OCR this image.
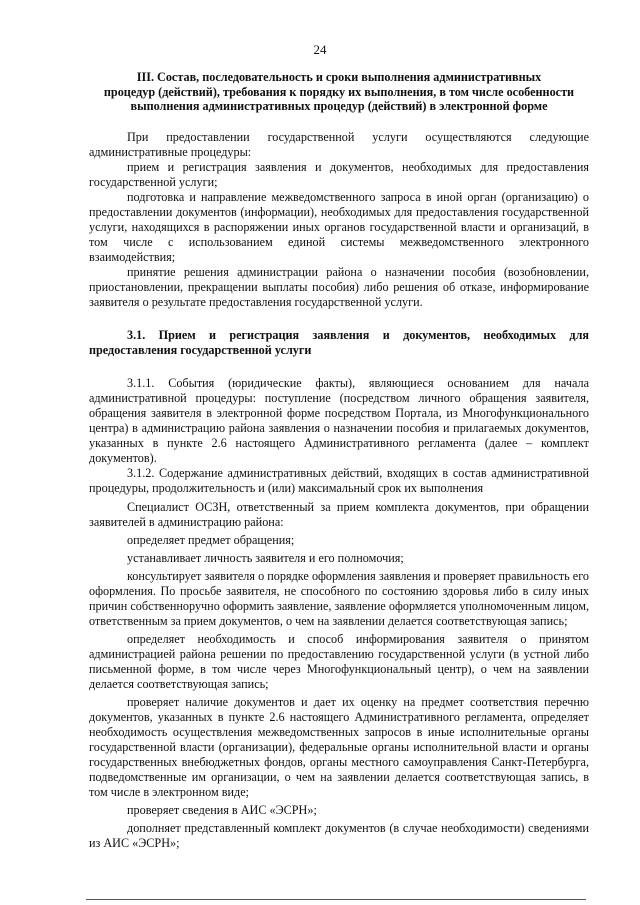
24
III. Состав, последовательность и сроки выполнения административных
процедур (действий), требования к порядку их выполнения, в том числе особенности
выполнения административных процедур (действий) в электронной форме

При предоставлении государственной услуги осуществляются следующие административные процедуры:

прием и регистрация заявления и документов, необходимых для предоставления государственной услуги;

подготовка и направление межведомственного запроса в иной орган (организацию) о предоставлении документов (информации), необходимых для предоставления государственной услуги, находящихся в распоряжении иных органов государственной власти и организаций, в том числе с использованием единой системы межведомственного электронного взаимодействия;

принятие решения администрации района о назначении пособия (возобновлении, приостановлении, прекращении выплаты пособия) либо решения об отказе, информирование заявителя о результате предоставления государственной услуги.

3.1. Прием и регистрация заявления и документов, необходимых для предоставления государственной услуги

3.1.1. События (юридические факты), являющиеся основанием для начала административной процедуры: поступление (посредством личного обращения заявителя, обращения заявителя в электронной форме посредством Портала, из Многофункционального центра) в администрацию района заявления о назначении пособия и прилагаемых документов, указанных в пункте 2.6 настоящего Административного регламента (далее – комплект документов).

3.1.2. Содержание административных действий, входящих в состав административной процедуры, продолжительность и (или) максимальный срок их выполнения

Специалист ОСЗН, ответственный за прием комплекта документов, при обращении заявителей в администрацию района:

определяет предмет обращения;

устанавливает личность заявителя и его полномочия;

консультирует заявителя о порядке оформления заявления и проверяет правильность его оформления. По просьбе заявителя, не способного по состоянию здоровья либо в силу иных причин собственноручно оформить заявление, заявление оформляется уполномоченным лицом, ответственным за прием документов, о чем на заявлении делается соответствующая запись;

определяет необходимость и способ информирования заявителя о принятом администрацией района решении по предоставлению государственной услуги (в устной либо письменной форме, в том числе через Многофункциональный центр), о чем на заявлении делается соответствующая запись;

проверяет наличие документов и дает их оценку на предмет соответствия перечню документов, указанных в пункте 2.6 настоящего Административного регламента, определяет необходимость осуществления межведомственных запросов в иные исполнительные органы государственной власти (организации), федеральные органы исполнительной власти и органы государственных внебюджетных фондов, органы местного самоуправления Санкт-Петербурга, подведомственные им организации, о чем на заявлении делается соответствующая запись, в том числе в электронном виде;

проверяет сведения в АИС «ЭСРН»;

дополняет представленный комплект документов (в случае необходимости) сведениями из АИС «ЭСРН»;
